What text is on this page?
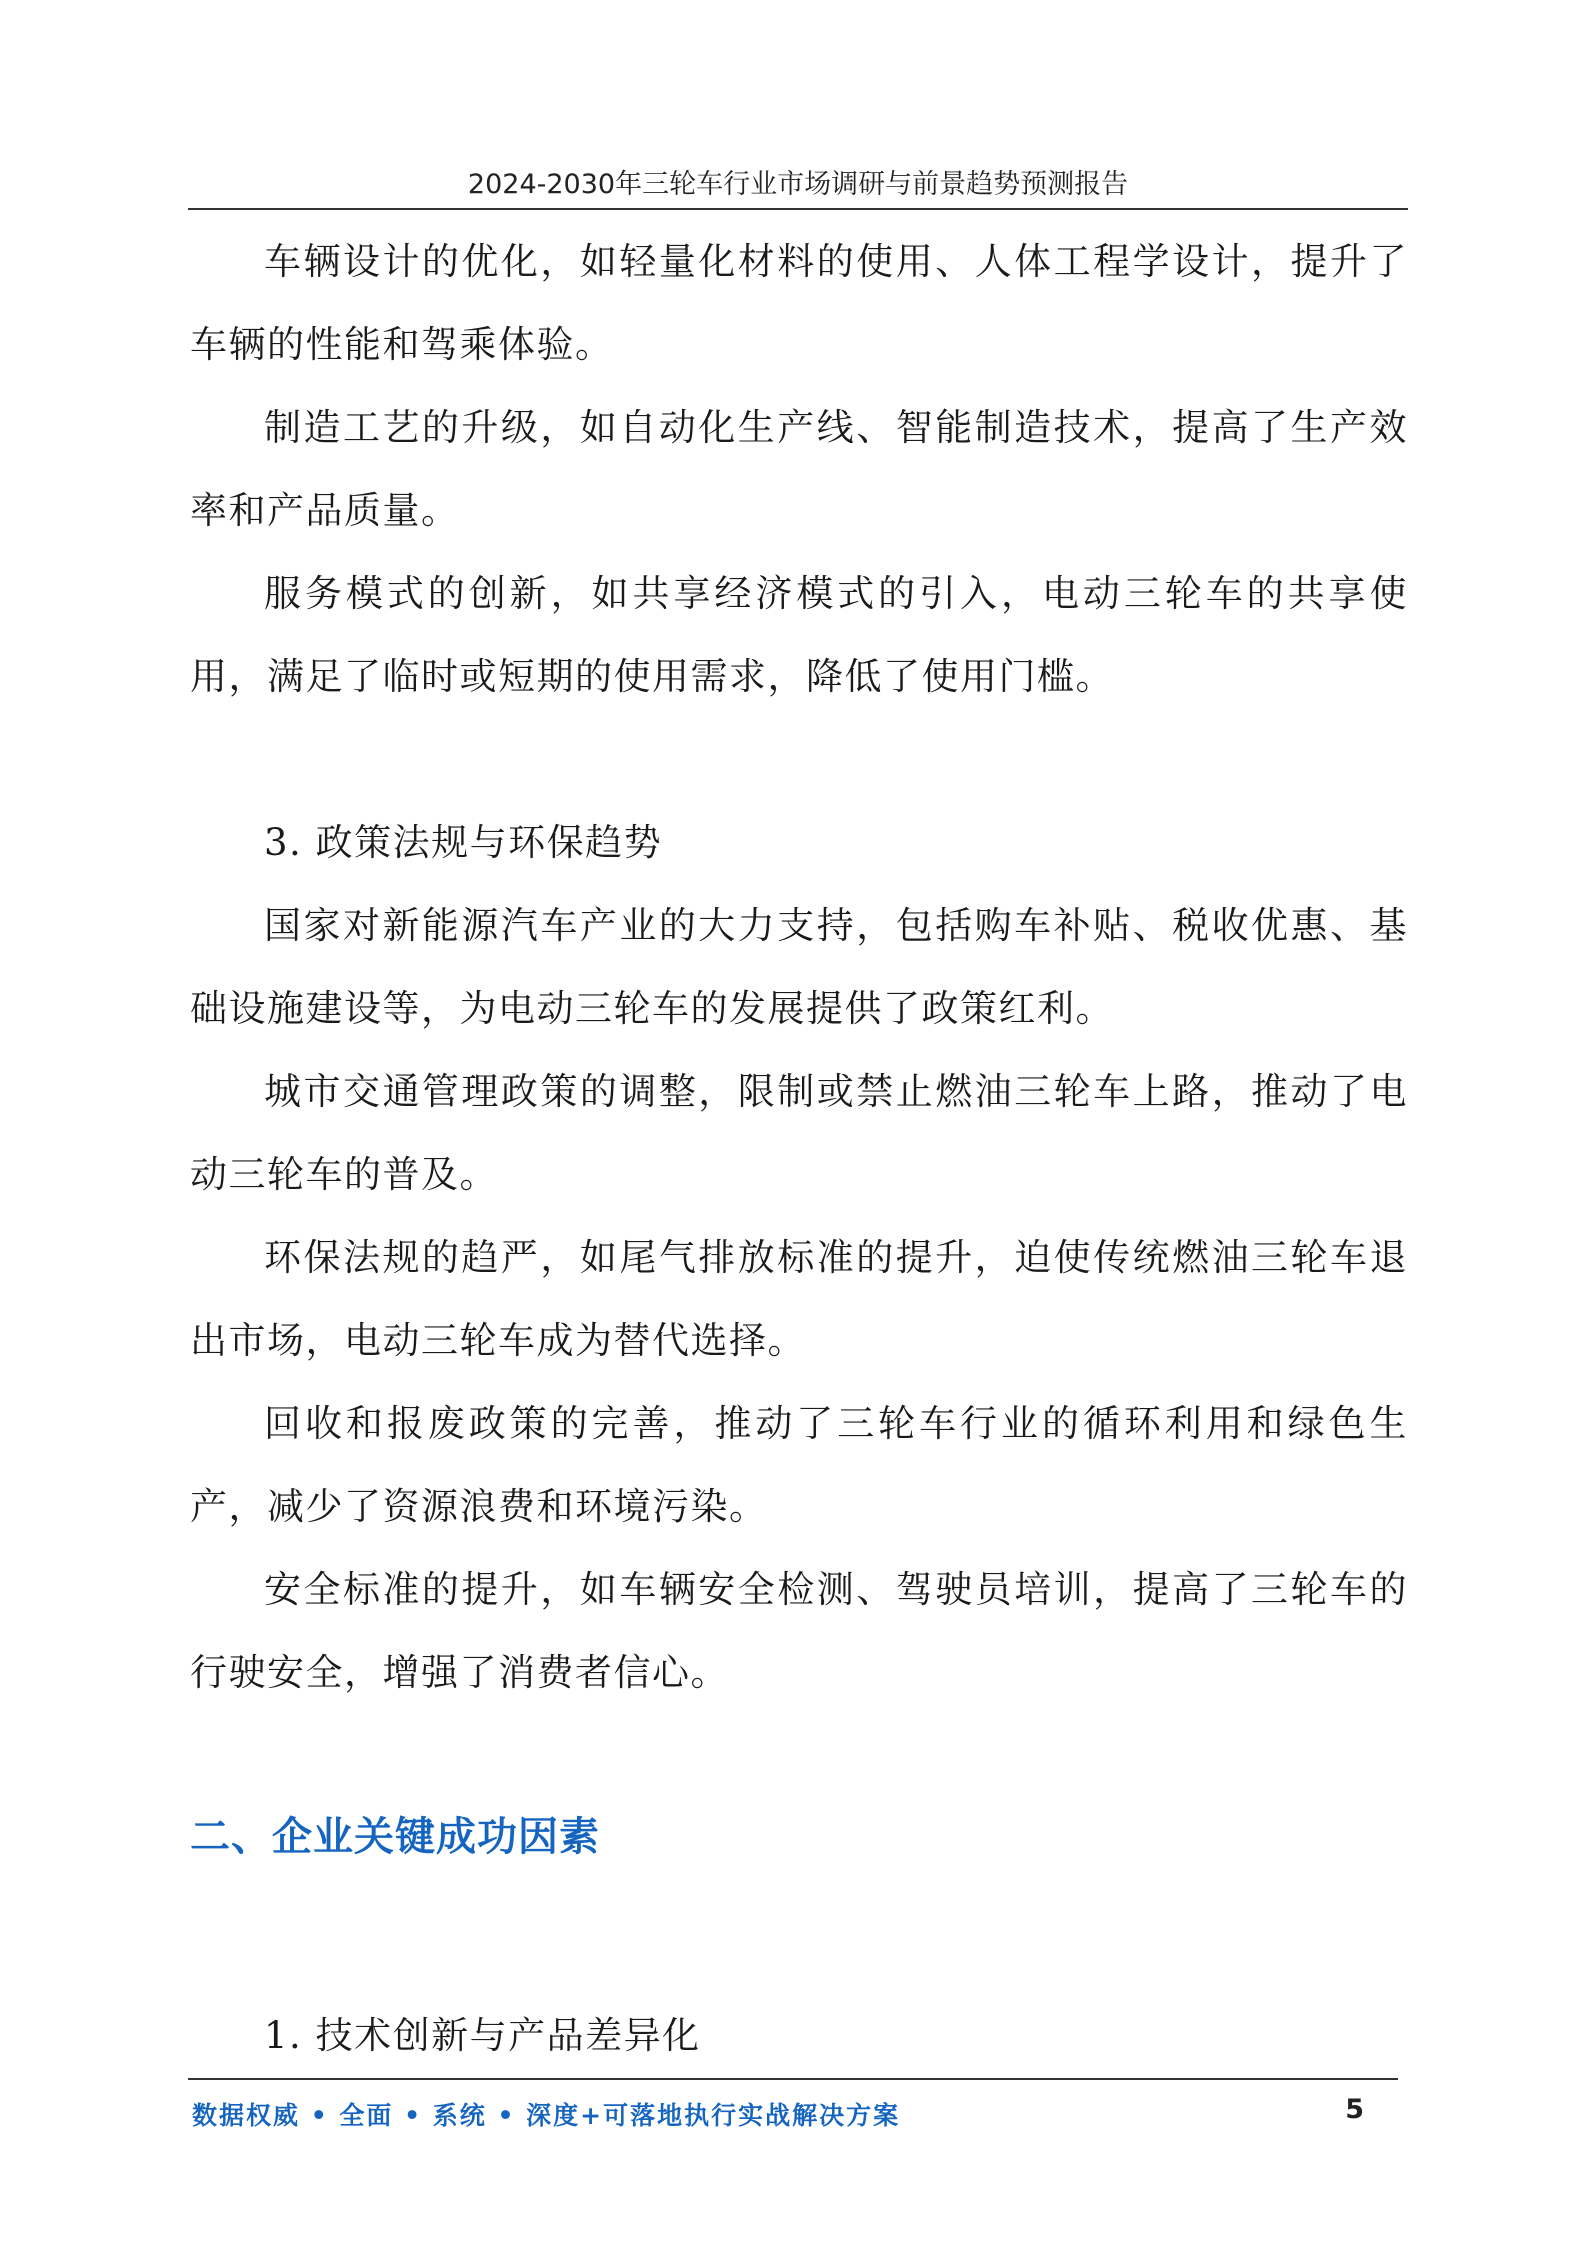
2024-2030年三轮车行业市场调研与前景趋势预测报告

车辆设计的优化，如轻量化材料的使用、人体工程学设计，提升了车辆的性能和驾乘体验。

制造工艺的升级，如自动化生产线、智能制造技术，提高了生产效率和产品质量。

服务模式的创新，如共享经济模式的引入，电动三轮车的共享使用，满足了临时或短期的使用需求，降低了使用门槛。

3. 政策法规与环保趋势

国家对新能源汽车产业的大力支持，包括购车补贴、税收优惠、基础设施建设等，为电动三轮车的发展提供了政策红利。

城市交通管理政策的调整，限制或禁止燃油三轮车上路，推动了电动三轮车的普及。

环保法规的趋严，如尾气排放标准的提升，迫使传统燃油三轮车退出市场，电动三轮车成为替代选择。

回收和报废政策的完善，推动了三轮车行业的循环利用和绿色生产，减少了资源浪费和环境污染。

安全标准的提升，如车辆安全检测、驾驶员培训，提高了三轮车的行驶安全，增强了消费者信心。

二、企业关键成功因素

1. 技术创新与产品差异化

数据权威 • 全面 • 系统 • 深度+可落地执行实战解决方案	5
